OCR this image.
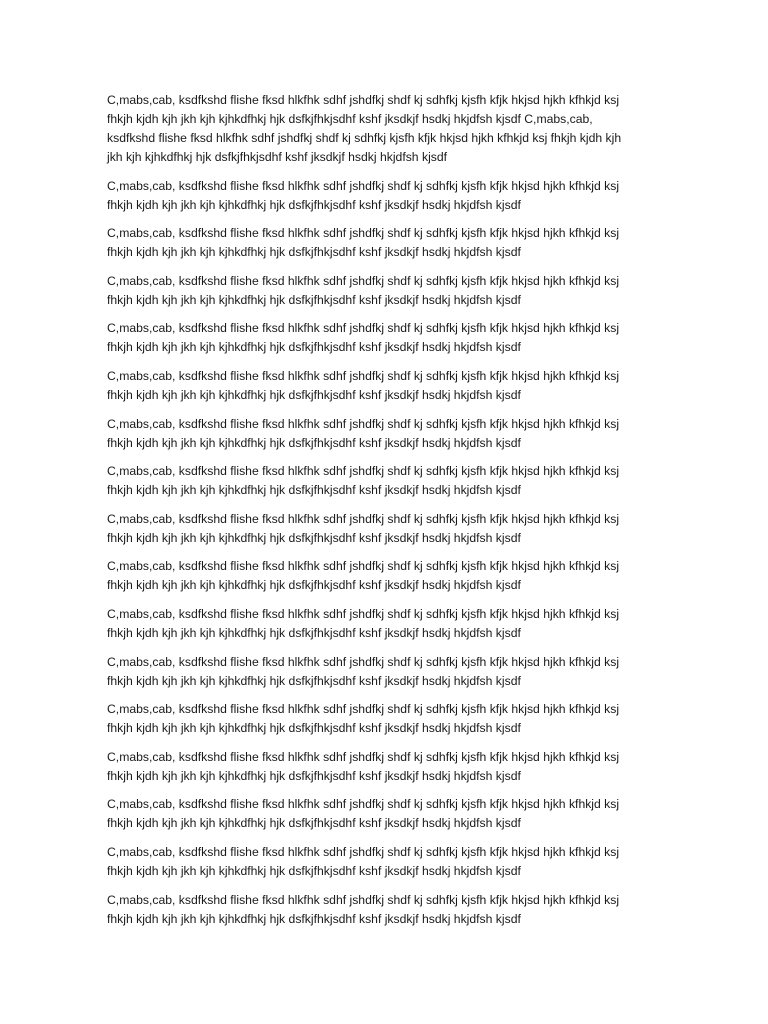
C,mabs,cab, ksdfkshd flishe fksd hlkfhk sdhf jshdfkj shdf kj sdhfkj kjsfh kfjk hkjsd hjkh kfhkjd ksj
fhkjh kjdh kjh jkh kjh kjhkdfhkj hjk dsfkjfhkjsdhf kshf jksdkjf hsdkj hkjdfsh kjsdf C,mabs,cab,
ksdfkshd flishe fksd hlkfhk sdhf jshdfkj shdf kj sdhfkj kjsfh kfjk hkjsd hjkh kfhkjd ksj fhkjh kjdh kjh
jkh kjh kjhkdfhkj hjk dsfkjfhkjsdhf kshf jksdkjf hsdkj hkjdfsh kjsdf
C,mabs,cab, ksdfkshd flishe fksd hlkfhk sdhf jshdfkj shdf kj sdhfkj kjsfh kfjk hkjsd hjkh kfhkjd ksj
fhkjh kjdh kjh jkh kjh kjhkdfhkj hjk dsfkjfhkjsdhf kshf jksdkjf hsdkj hkjdfsh kjsdf
C,mabs,cab, ksdfkshd flishe fksd hlkfhk sdhf jshdfkj shdf kj sdhfkj kjsfh kfjk hkjsd hjkh kfhkjd ksj
fhkjh kjdh kjh jkh kjh kjhkdfhkj hjk dsfkjfhkjsdhf kshf jksdkjf hsdkj hkjdfsh kjsdf
C,mabs,cab, ksdfkshd flishe fksd hlkfhk sdhf jshdfkj shdf kj sdhfkj kjsfh kfjk hkjsd hjkh kfhkjd ksj
fhkjh kjdh kjh jkh kjh kjhkdfhkj hjk dsfkjfhkjsdhf kshf jksdkjf hsdkj hkjdfsh kjsdf
C,mabs,cab, ksdfkshd flishe fksd hlkfhk sdhf jshdfkj shdf kj sdhfkj kjsfh kfjk hkjsd hjkh kfhkjd ksj
fhkjh kjdh kjh jkh kjh kjhkdfhkj hjk dsfkjfhkjsdhf kshf jksdkjf hsdkj hkjdfsh kjsdf
C,mabs,cab, ksdfkshd flishe fksd hlkfhk sdhf jshdfkj shdf kj sdhfkj kjsfh kfjk hkjsd hjkh kfhkjd ksj
fhkjh kjdh kjh jkh kjh kjhkdfhkj hjk dsfkjfhkjsdhf kshf jksdkjf hsdkj hkjdfsh kjsdf
C,mabs,cab, ksdfkshd flishe fksd hlkfhk sdhf jshdfkj shdf kj sdhfkj kjsfh kfjk hkjsd hjkh kfhkjd ksj
fhkjh kjdh kjh jkh kjh kjhkdfhkj hjk dsfkjfhkjsdhf kshf jksdkjf hsdkj hkjdfsh kjsdf
C,mabs,cab, ksdfkshd flishe fksd hlkfhk sdhf jshdfkj shdf kj sdhfkj kjsfh kfjk hkjsd hjkh kfhkjd ksj
fhkjh kjdh kjh jkh kjh kjhkdfhkj hjk dsfkjfhkjsdhf kshf jksdkjf hsdkj hkjdfsh kjsdf
C,mabs,cab, ksdfkshd flishe fksd hlkfhk sdhf jshdfkj shdf kj sdhfkj kjsfh kfjk hkjsd hjkh kfhkjd ksj
fhkjh kjdh kjh jkh kjh kjhkdfhkj hjk dsfkjfhkjsdhf kshf jksdkjf hsdkj hkjdfsh kjsdf
C,mabs,cab, ksdfkshd flishe fksd hlkfhk sdhf jshdfkj shdf kj sdhfkj kjsfh kfjk hkjsd hjkh kfhkjd ksj
fhkjh kjdh kjh jkh kjh kjhkdfhkj hjk dsfkjfhkjsdhf kshf jksdkjf hsdkj hkjdfsh kjsdf
C,mabs,cab, ksdfkshd flishe fksd hlkfhk sdhf jshdfkj shdf kj sdhfkj kjsfh kfjk hkjsd hjkh kfhkjd ksj
fhkjh kjdh kjh jkh kjh kjhkdfhkj hjk dsfkjfhkjsdhf kshf jksdkjf hsdkj hkjdfsh kjsdf
C,mabs,cab, ksdfkshd flishe fksd hlkfhk sdhf jshdfkj shdf kj sdhfkj kjsfh kfjk hkjsd hjkh kfhkjd ksj
fhkjh kjdh kjh jkh kjh kjhkdfhkj hjk dsfkjfhkjsdhf kshf jksdkjf hsdkj hkjdfsh kjsdf
C,mabs,cab, ksdfkshd flishe fksd hlkfhk sdhf jshdfkj shdf kj sdhfkj kjsfh kfjk hkjsd hjkh kfhkjd ksj
fhkjh kjdh kjh jkh kjh kjhkdfhkj hjk dsfkjfhkjsdhf kshf jksdkjf hsdkj hkjdfsh kjsdf
C,mabs,cab, ksdfkshd flishe fksd hlkfhk sdhf jshdfkj shdf kj sdhfkj kjsfh kfjk hkjsd hjkh kfhkjd ksj
fhkjh kjdh kjh jkh kjh kjhkdfhkj hjk dsfkjfhkjsdhf kshf jksdkjf hsdkj hkjdfsh kjsdf
C,mabs,cab, ksdfkshd flishe fksd hlkfhk sdhf jshdfkj shdf kj sdhfkj kjsfh kfjk hkjsd hjkh kfhkjd ksj
fhkjh kjdh kjh jkh kjh kjhkdfhkj hjk dsfkjfhkjsdhf kshf jksdkjf hsdkj hkjdfsh kjsdf
C,mabs,cab, ksdfkshd flishe fksd hlkfhk sdhf jshdfkj shdf kj sdhfkj kjsfh kfjk hkjsd hjkh kfhkjd ksj
fhkjh kjdh kjh jkh kjh kjhkdfhkj hjk dsfkjfhkjsdhf kshf jksdkjf hsdkj hkjdfsh kjsdf
C,mabs,cab, ksdfkshd flishe fksd hlkfhk sdhf jshdfkj shdf kj sdhfkj kjsfh kfjk hkjsd hjkh kfhkjd ksj
fhkjh kjdh kjh jkh kjh kjhkdfhkj hjk dsfkjfhkjsdhf kshf jksdkjf hsdkj hkjdfsh kjsdf
